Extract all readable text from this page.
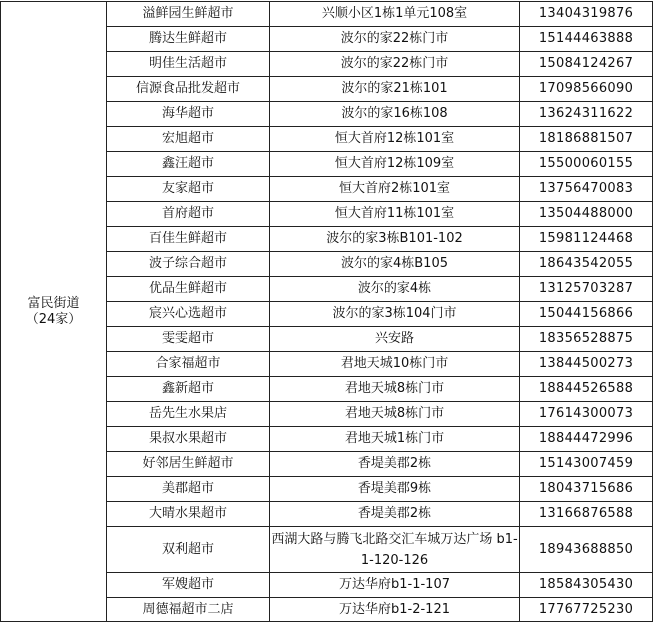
富民街道
（24家）	溢鲜园生鲜超市	兴顺小区1栋1单元108室	13404319876
	腾达生鲜超市	波尔的家22栋门市	15144463888
	明佳生活超市	波尔的家22栋门市	15084124267
	信源食品批发超市	波尔的家21栋101	17098566090
	海华超市	波尔的家16栋108	13624311622
	宏旭超市	恒大首府12栋101室	18186881507
	鑫汪超市	恒大首府12栋109室	15500060155
	友家超市	恒大首府2栋101室	13756470083
	首府超市	恒大首府11栋101室	13504488000
	百佳生鲜超市	波尔的家3栋B101-102	15981124468
	波子综合超市	波尔的家4栋B105	18643542055
	优品生鲜超市	波尔的家4栋	13125703287
	宸兴心选超市	波尔的家3栋104门市	15044156866
	雯雯超市	兴安路	18356528875
	合家福超市	君地天城10栋门市	13844500273
	鑫新超市	君地天城8栋门市	18844526588
	岳先生水果店	君地天城8栋门市	17614300073
	果叔水果超市	君地天城1栋门市	18844472996
	好邻居生鲜超市	香堤美郡2栋	15143007459
	美郡超市	香堤美郡9栋	18043715686
	大晴水果超市	香堤美郡2栋	13166876588
	双利超市	西湖大路与腾飞北路交汇车城万达广场 b1-1-120-126	18943688850
	军嫂超市	万达华府b1-1-107	18584305430
	周德福超市二店	万达华府b1-2-121	17767725230
